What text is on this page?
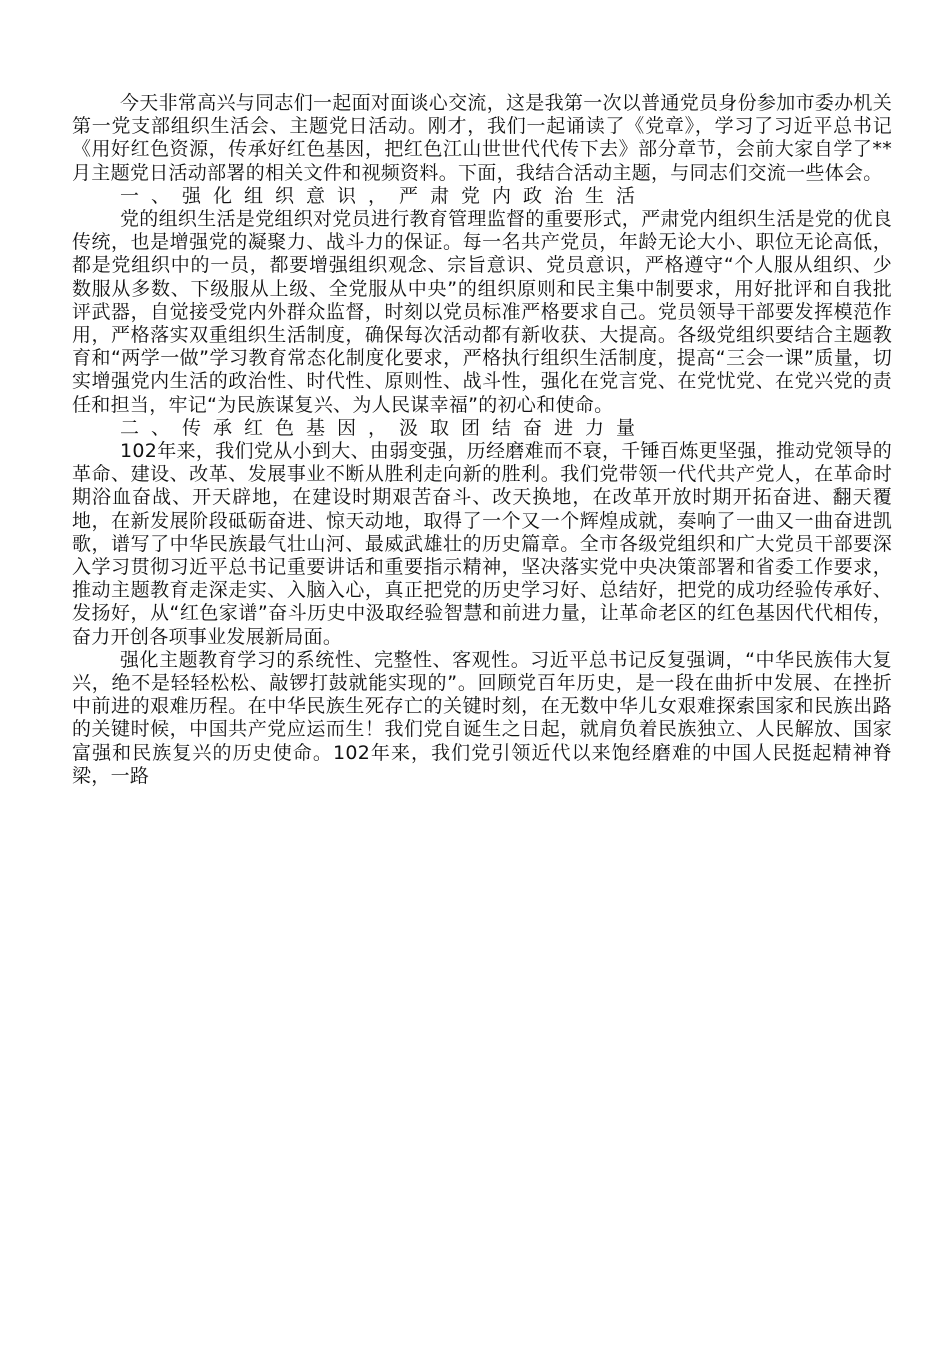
今天非常高兴与同志们一起面对面谈心交流，这是我第一次以普通党员身份参加市委办机关第一党支部组织生活会、主题党日活动。刚才，我们一起诵读了《党章》，学习了习近平总书记《用好红色资源，传承好红色基因，把红色江山世世代代传下去》部分章节，会前大家自学了**月主题党日活动部署的相关文件和视频资料。下面，我结合活动主题，与同志们交流一些体会。

一、强化组织意识，严肃党内政治生活

党的组织生活是党组织对党员进行教育管理监督的重要形式，严肃党内组织生活是党的优良传统，也是增强党的凝聚力、战斗力的保证。每一名共产党员，年龄无论大小、职位无论高低，都是党组织中的一员，都要增强组织观念、宗旨意识、党员意识，严格遵守“个人服从组织、少数服从多数、下级服从上级、全党服从中央”的组织原则和民主集中制要求，用好批评和自我批评武器，自觉接受党内外群众监督，时刻以党员标准严格要求自己。党员领导干部要发挥模范作用，严格落实双重组织生活制度，确保每次活动都有新收获、大提高。各级党组织要结合主题教育和“两学一做”学习教育常态化制度化要求，严格执行组织生活制度，提高“三会一课”质量，切实增强党内生活的政治性、时代性、原则性、战斗性，强化在党言党、在党忧党、在党兴党的责任和担当，牢记“为民族谋复兴、为人民谋幸福”的初心和使命。

二、传承红色基因，汲取团结奋进力量

102年来，我们党从小到大、由弱变强，历经磨难而不衰，千锤百炼更坚强，推动党领导的革命、建设、改革、发展事业不断从胜利走向新的胜利。我们党带领一代代共产党人，在革命时期浴血奋战、开天辟地，在建设时期艰苦奋斗、改天换地，在改革开放时期开拓奋进、翻天覆地，在新发展阶段砥砺奋进、惊天动地，取得了一个又一个辉煌成就，奏响了一曲又一曲奋进凯歌，谱写了中华民族最气壮山河、最威武雄壮的历史篇章。全市各级党组织和广大党员干部要深入学习贯彻习近平总书记重要讲话和重要指示精神，坚决落实党中央决策部署和省委工作要求，推动主题教育走深走实、入脑入心，真正把党的历史学习好、总结好，把党的成功经验传承好、发扬好，从“红色家谱”奋斗历史中汲取经验智慧和前进力量，让革命老区的红色基因代代相传，奋力开创各项事业发展新局面。

强化主题教育学习的系统性、完整性、客观性。习近平总书记反复强调，“中华民族伟大复兴，绝不是轻轻松松、敲锣打鼓就能实现的”。回顾党百年历史，是一段在曲折中发展、在挫折中前进的艰难历程。在中华民族生死存亡的关键时刻，在无数中华儿女艰难探索国家和民族出路的关键时候，中国共产党应运而生！我们党自诞生之日起，就肩负着民族独立、人民解放、国家富强和民族复兴的历史使命。102年来，我们党引领近代以来饱经磨难的中国人民挺起精神脊梁，一路
